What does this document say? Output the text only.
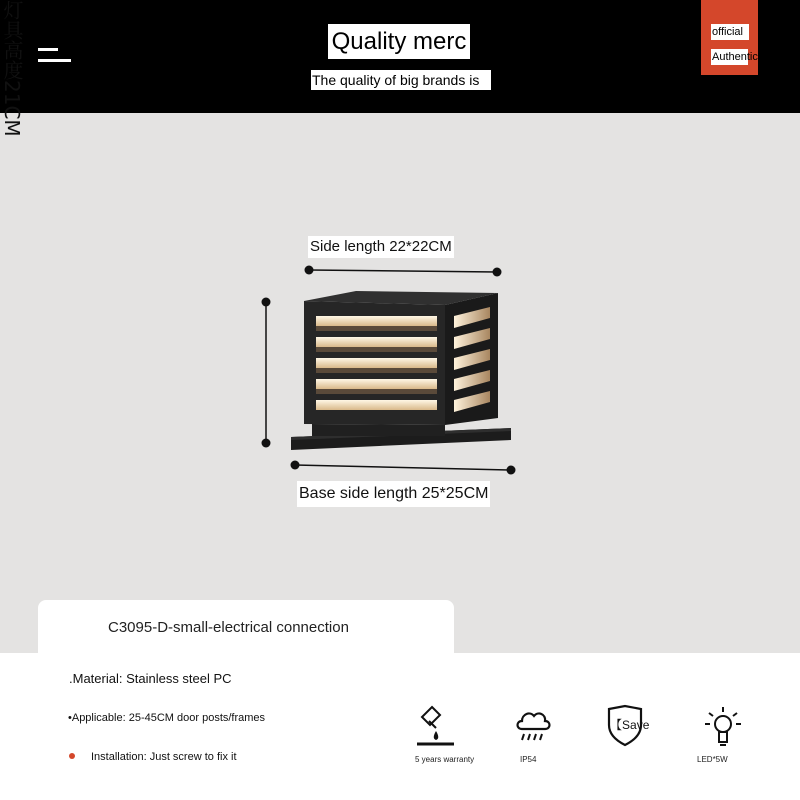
Quality merc
The quality of big brands is
official
Authentic
Side length 22*22CM
Base side length 25*25CM
灯具高度21CM
C3095-D-small-electrical connection
.Material: Stainless steel PC
•Applicable: 25-45CM door posts/frames
Installation: Just screw to fix it	5 years warranty	IP54
【Save
LED*5W
